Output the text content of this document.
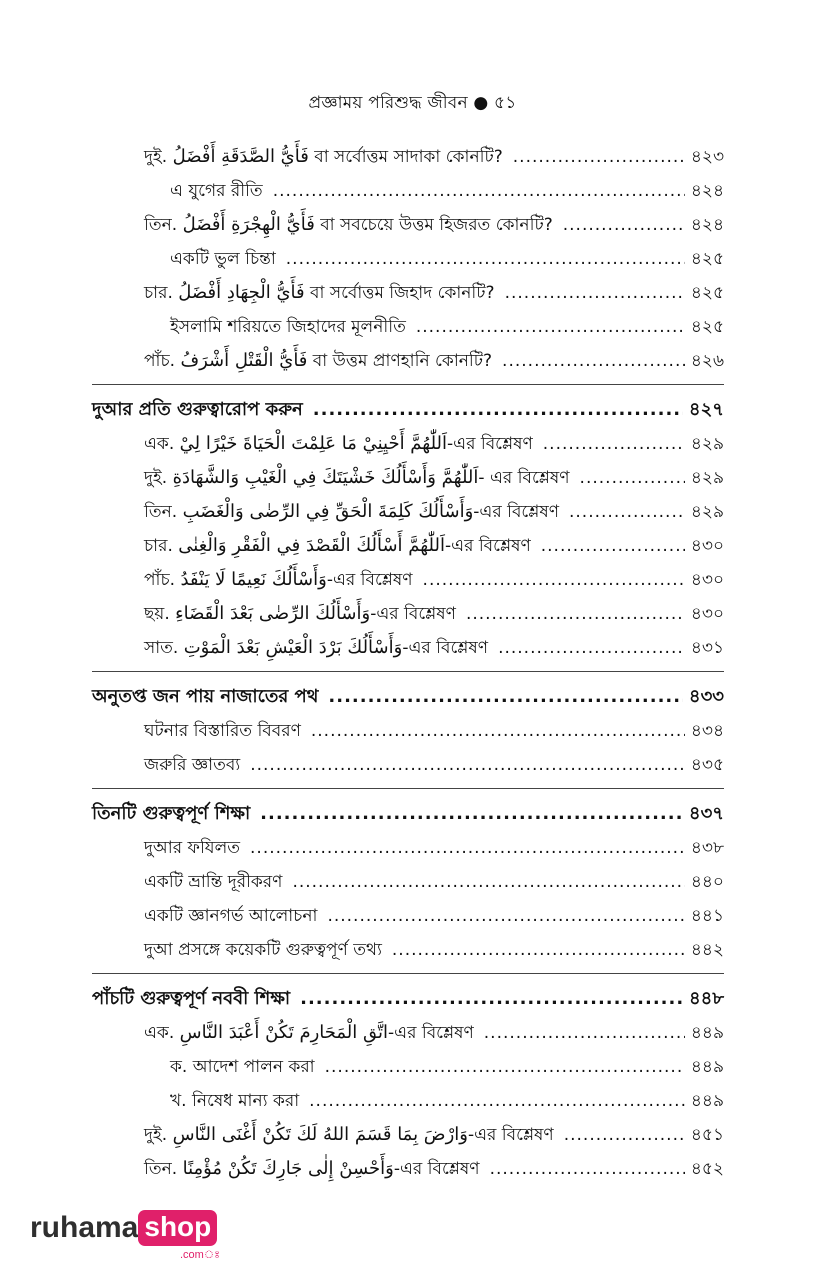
প্রজ্ঞাময় পরিশুদ্ধ জীবন ● ৫১
দুই. فَأَيُّ الصَّدَقَةِ أَفْضَلُ বা সর্বোত্তম সাদাকা কোনটি? .....	৪২৩
এ যুগের রীতি .....	৪২৪
তিন. فَأَيُّ الْهِجْرَةِ أَفْضَلُ বা সবচেয়ে উত্তম হিজরত কোনটি? .....	৪২৪
একটি ভুল চিন্তা .....	৪২৫
চার. فَأَيُّ الْجِهَادِ أَفْضَلُ বা সর্বোত্তম জিহাদ কোনটি? .....	৪২৫
ইসলামি শরিয়তে জিহাদের মূলনীতি .....	৪২৫
পাঁচ. فَأَيُّ الْقَتْلِ أَشْرَفُ বা উত্তম প্রাণহানি কোনটি? .....	৪২৬
দুআর প্রতি গুরুত্বারোপ করুন .....	৪২৭
এক. اَللّٰهُمَّ أَحْيِنِيْ مَا عَلِمْتَ الْحَيَاةَ خَيْرًا لِيْ-এর বিশ্লেষণ .....	৪২৯
দুই. اَللّٰهُمَّ وَأَسْأَلُكَ خَشْيَتَكَ فِي الْغَيْبِ وَالشَّهَادَةِ- এর বিশ্লেষণ .....	৪২৯
তিন. وَأَسْأَلُكَ كَلِمَةَ الْحَقِّ فِي الرِّضٰى وَالْغَضَبِ-এর বিশ্লেষণ .....	৪২৯
চার. اَللّٰهُمَّ أَسْأَلُكَ الْقَصْدَ فِي الْفَقْرِ وَالْغِنٰى-এর বিশ্লেষণ .....	৪৩০
পাঁচ. وَأَسْأَلُكَ نَعِيمًا لَا يَنْفَدُ-এর বিশ্লেষণ .....	৪৩০
ছয়. وَأَسْأَلُكَ الرِّضٰى بَعْدَ الْقَضَاءِ-এর বিশ্লেষণ .....	৪৩০
সাত. وَأَسْأَلُكَ بَرْدَ الْعَيْشِ بَعْدَ الْمَوْتِ-এর বিশ্লেষণ .....	৪৩১
অনুতপ্ত জন পায় নাজাতের পথ .....	৪৩৩
ঘটনার বিস্তারিত বিবরণ .....	৪৩৪
জরুরি জ্ঞাতব্য .....	৪৩৫
তিনটি গুরুত্বপূর্ণ শিক্ষা .....	৪৩৭
দুআর ফযিলত .....	৪৩৮
একটি ভ্রান্তি দূরীকরণ .....	৪৪০
একটি জ্ঞানগর্ভ আলোচনা .....	৪৪১
দুআ প্রসঙ্গে কয়েকটি গুরুত্বপূর্ণ তথ্য .....	৪৪২
পাঁচটি গুরুত্বপূর্ণ নববী শিক্ষা .....	৪৪৮
এক. اتَّقِ الْمَحَارِمَ تَكُنْ أَعْبَدَ النَّاسِ-এর বিশ্লেষণ .....	৪৪৯
ক. আদেশ পালন করা .....	৪৪৯
খ. নিষেধ মান্য করা .....	৪৪৯
দুই. وَارْضَ بِمَا قَسَمَ اللهُ لَكَ تَكُنْ أَغْنَى النَّاسِ-এর বিশ্লেষণ .....	৪৫১
তিন. وَأَحْسِنْ إِلٰى جَارِكَ تَكُنْ مُؤْمِنًا-এর বিশ্লেষণ .....	৪৫২
ruhama shop
.comঃ
